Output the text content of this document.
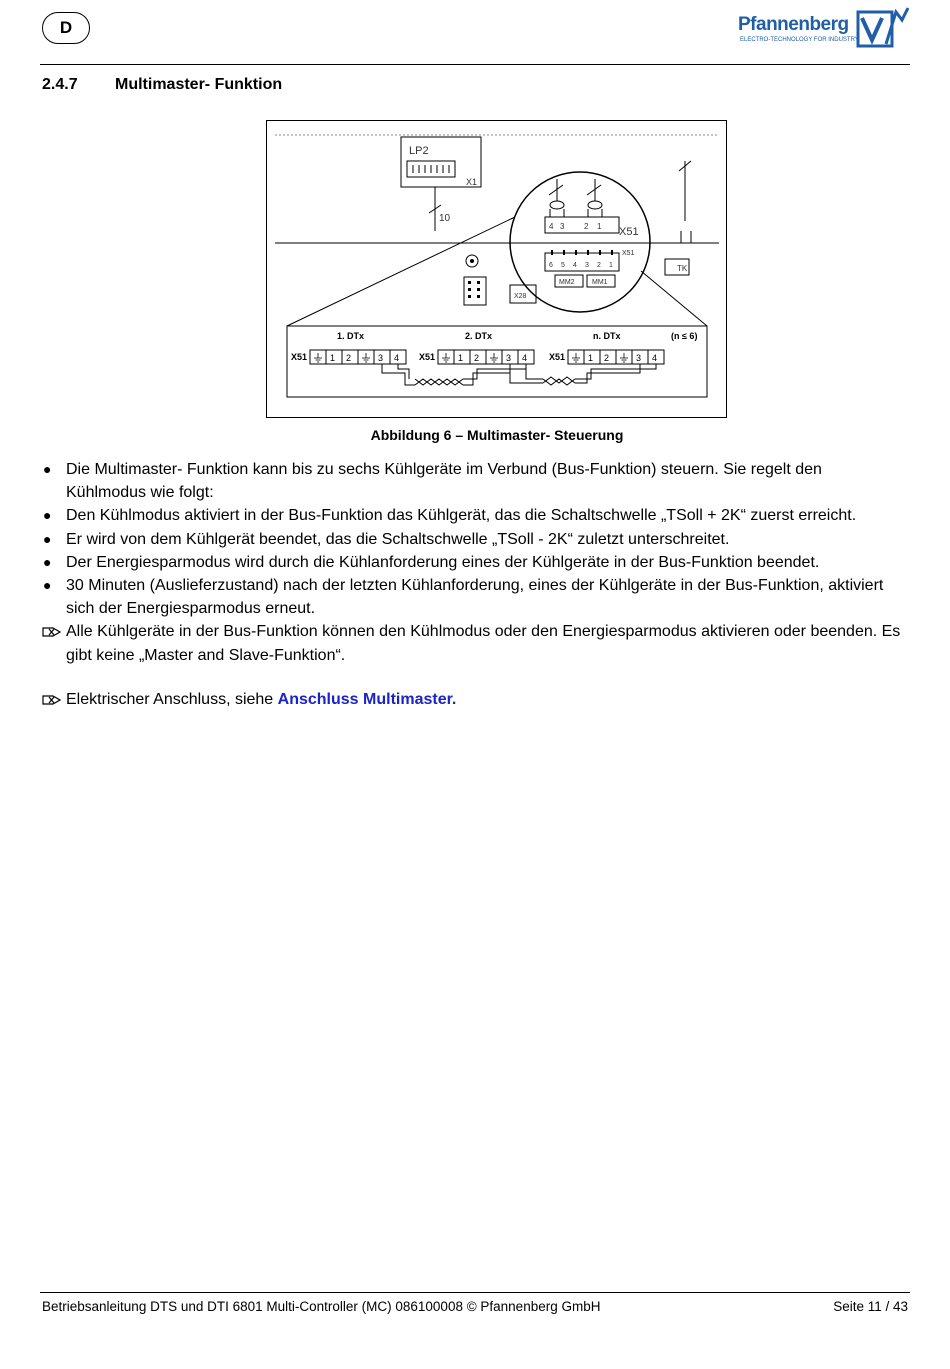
D	Pfannenberg
ELECTRO-TECHNOLOGY FOR INDUSTRY
2.4.7	Multimaster- Funktion
LP2
X1
10
4 3 2 1 X51
X51
6 5 4 3 2 1
MM2 MM1
X28
TK
1. DTx	2. DTx	n. DTx	(n ≤ 6)
X51	1 2	3 4 X51	1 2	3 4 X51	1 2	3 4
Abbildung 6 – Multimaster- Steuerung
● Die Multimaster- Funktion kann bis zu sechs Kühlgeräte im Verbund (Bus-Funktion) steuern. Sie regelt den Kühlmodus wie folgt:
● Den Kühlmodus aktiviert in der Bus-Funktion das Kühlgerät, das die Schaltschwelle „TSoll + 2K“ zuerst erreicht.
● Er wird von dem Kühlgerät beendet, das die Schaltschwelle „TSoll - 2K“ zuletzt unterschreitet.
● Der Energiesparmodus wird durch die Kühlanforderung eines der Kühlgeräte in der Bus-Funktion beendet.
● 30 Minuten (Auslieferzustand) nach der letzten Kühlanforderung, eines der Kühlgeräte in der Bus-Funktion, aktiviert sich der Energiesparmodus erneut.
Alle Kühlgeräte in der Bus-Funktion können den Kühlmodus oder den Energiesparmodus aktivieren oder beenden. Es gibt keine „Master and Slave-Funktion“.
Elektrischer Anschluss, siehe Anschluss Multimaster.
Betriebsanleitung DTS und DTI 6801 Multi-Controller (MC) 086100008 © Pfannenberg GmbH	Seite 11 / 43
